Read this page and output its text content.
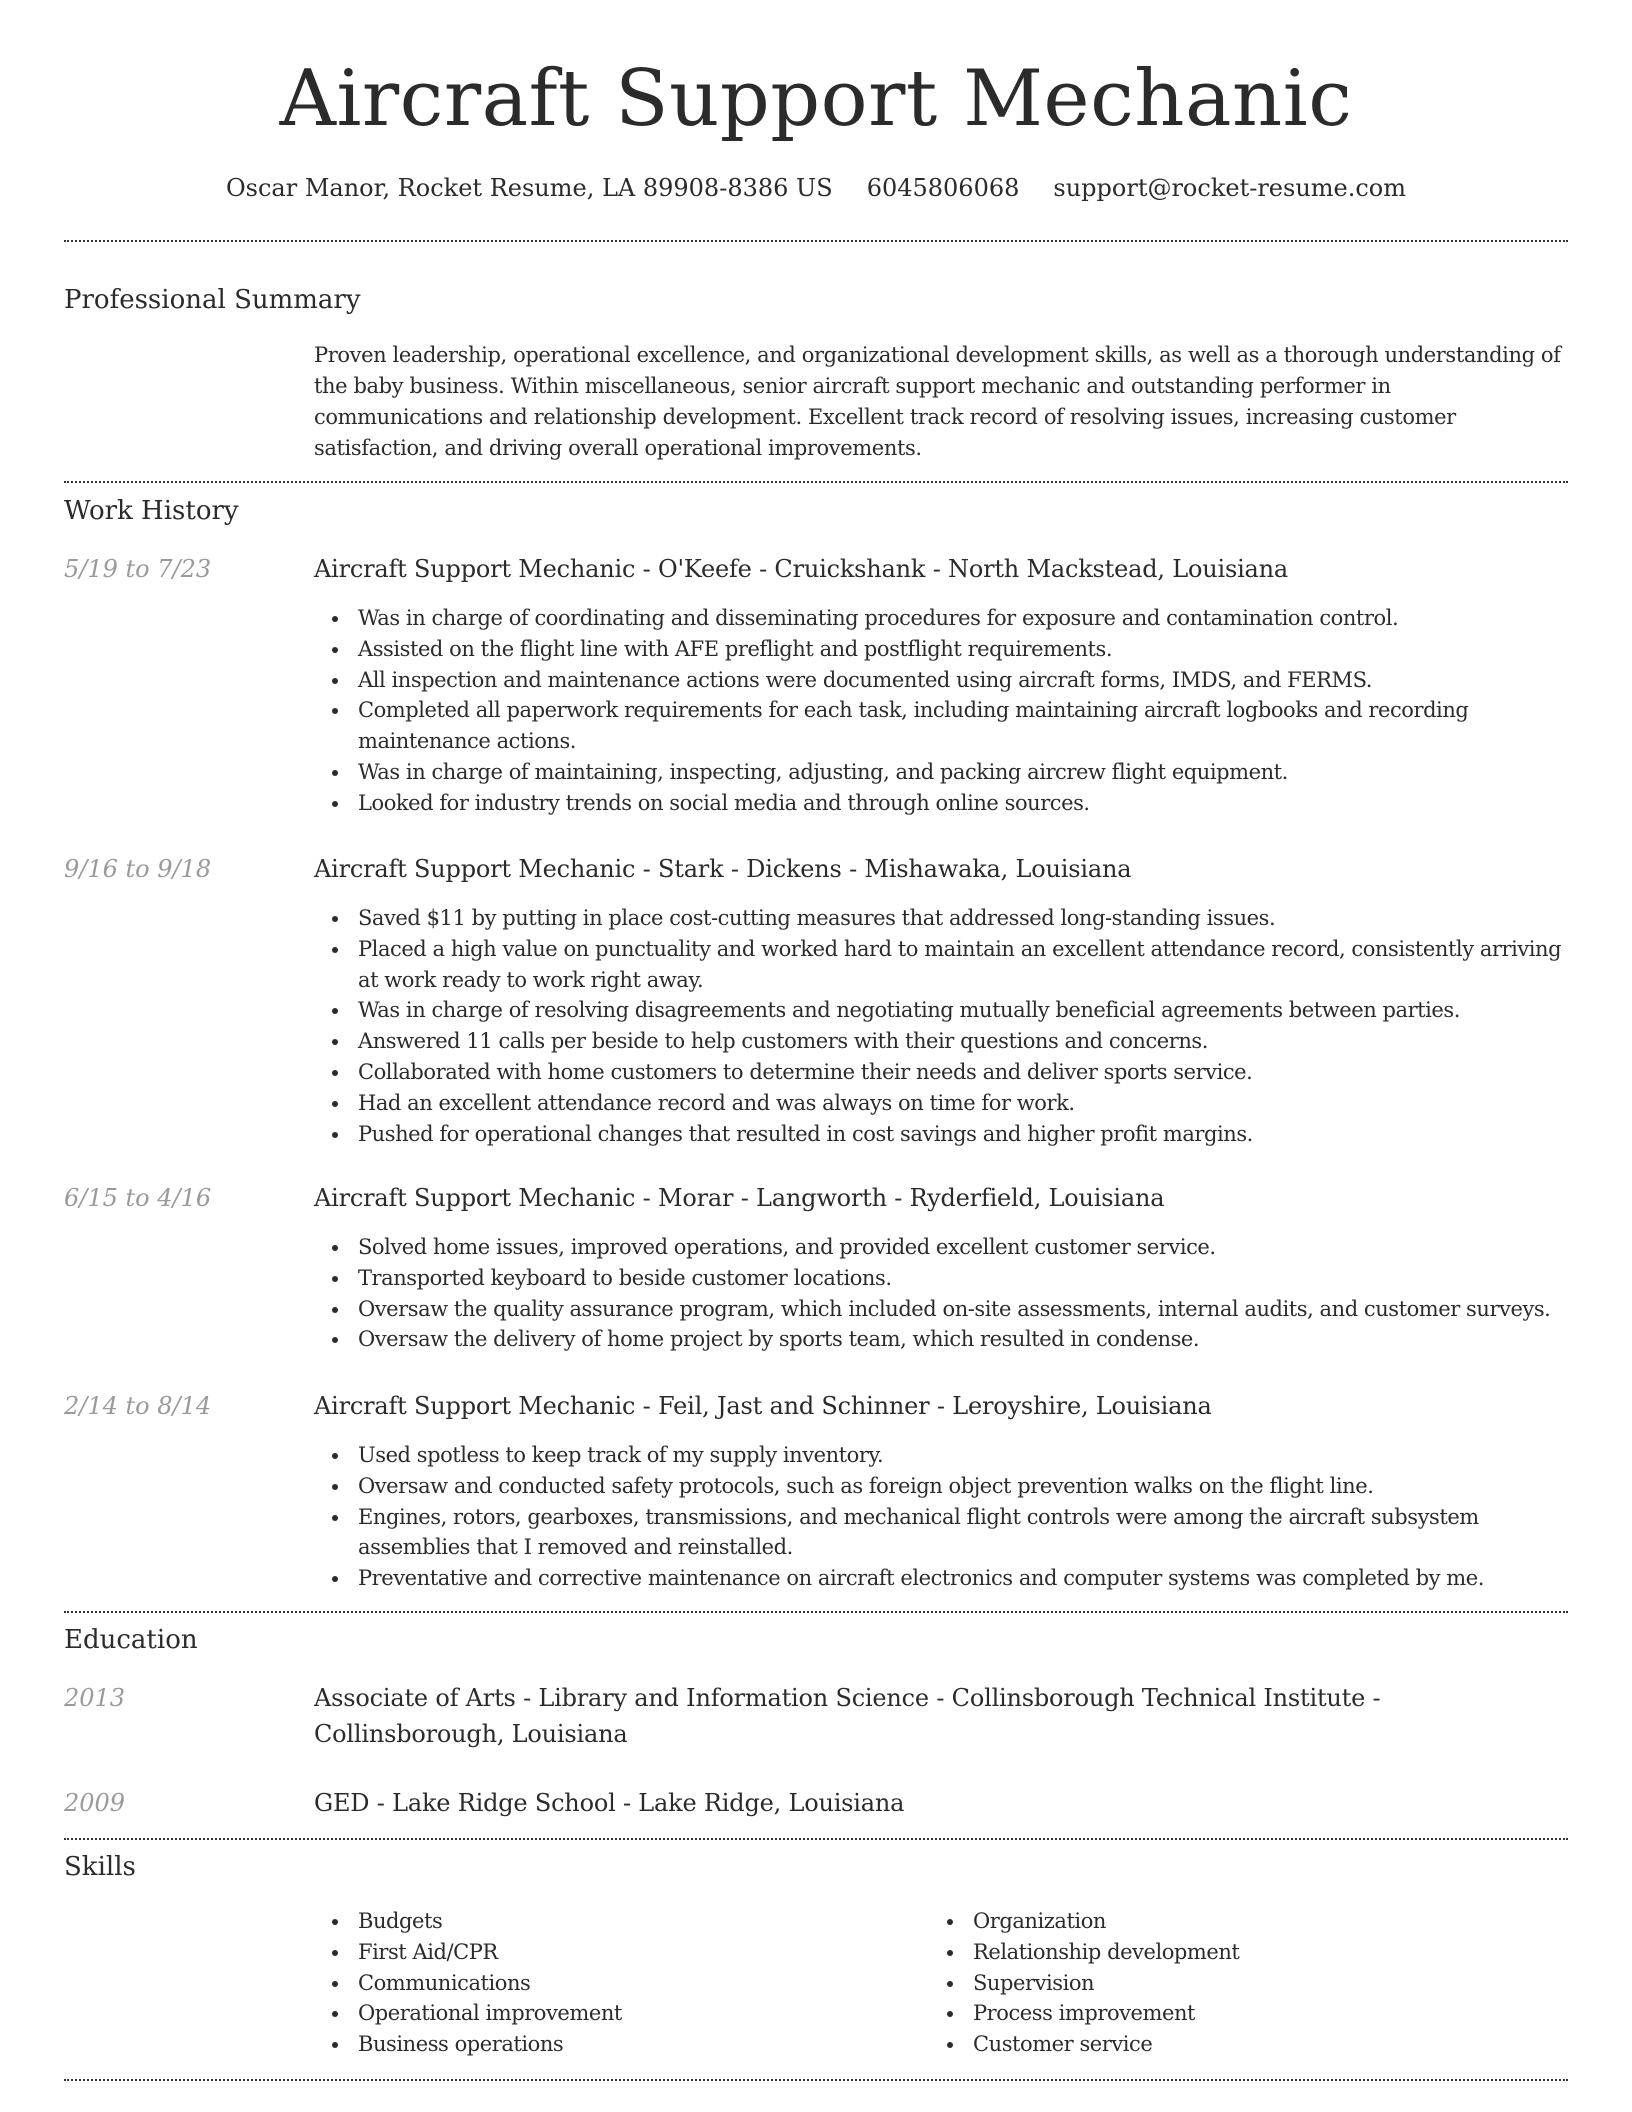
Aircraft Support Mechanic
Oscar Manor, Rocket Resume, LA 89908-8386 US 6045806068 support@rocket-resume.com
Professional Summary
Proven leadership, operational excellence, and organizational development skills, as well as a thorough understanding of the baby business. Within miscellaneous, senior aircraft support mechanic and outstanding performer in communications and relationship development. Excellent track record of resolving issues, increasing customer satisfaction, and driving overall operational improvements.
Work History
5/19 to 7/23	Aircraft Support Mechanic - O'Keefe - Cruickshank - North Mackstead, Louisiana
Was in charge of coordinating and disseminating procedures for exposure and contamination control.
Assisted on the flight line with AFE preflight and postflight requirements.
All inspection and maintenance actions were documented using aircraft forms, IMDS, and FERMS.
Completed all paperwork requirements for each task, including maintaining aircraft logbooks and recording maintenance actions.
Was in charge of maintaining, inspecting, adjusting, and packing aircrew flight equipment.
Looked for industry trends on social media and through online sources.
9/16 to 9/18	Aircraft Support Mechanic - Stark - Dickens - Mishawaka, Louisiana
Saved $11 by putting in place cost-cutting measures that addressed long-standing issues.
Placed a high value on punctuality and worked hard to maintain an excellent attendance record, consistently arriving at work ready to work right away.
Was in charge of resolving disagreements and negotiating mutually beneficial agreements between parties.
Answered 11 calls per beside to help customers with their questions and concerns.
Collaborated with home customers to determine their needs and deliver sports service.
Had an excellent attendance record and was always on time for work.
Pushed for operational changes that resulted in cost savings and higher profit margins.
6/15 to 4/16	Aircraft Support Mechanic - Morar - Langworth - Ryderfield, Louisiana
Solved home issues, improved operations, and provided excellent customer service.
Transported keyboard to beside customer locations.
Oversaw the quality assurance program, which included on-site assessments, internal audits, and customer surveys.
Oversaw the delivery of home project by sports team, which resulted in condense.
2/14 to 8/14	Aircraft Support Mechanic - Feil, Jast and Schinner - Leroyshire, Louisiana
Used spotless to keep track of my supply inventory.
Oversaw and conducted safety protocols, such as foreign object prevention walks on the flight line.
Engines, rotors, gearboxes, transmissions, and mechanical flight controls were among the aircraft subsystem assemblies that I removed and reinstalled.
Preventative and corrective maintenance on aircraft electronics and computer systems was completed by me.
Education
2013	Associate of Arts - Library and Information Science - Collinsborough Technical Institute - Collinsborough, Louisiana
2009	GED - Lake Ridge School - Lake Ridge, Louisiana
Skills
Budgets
First Aid/CPR
Communications
Operational improvement
Business operations
Organization
Relationship development
Supervision
Process improvement
Customer service
